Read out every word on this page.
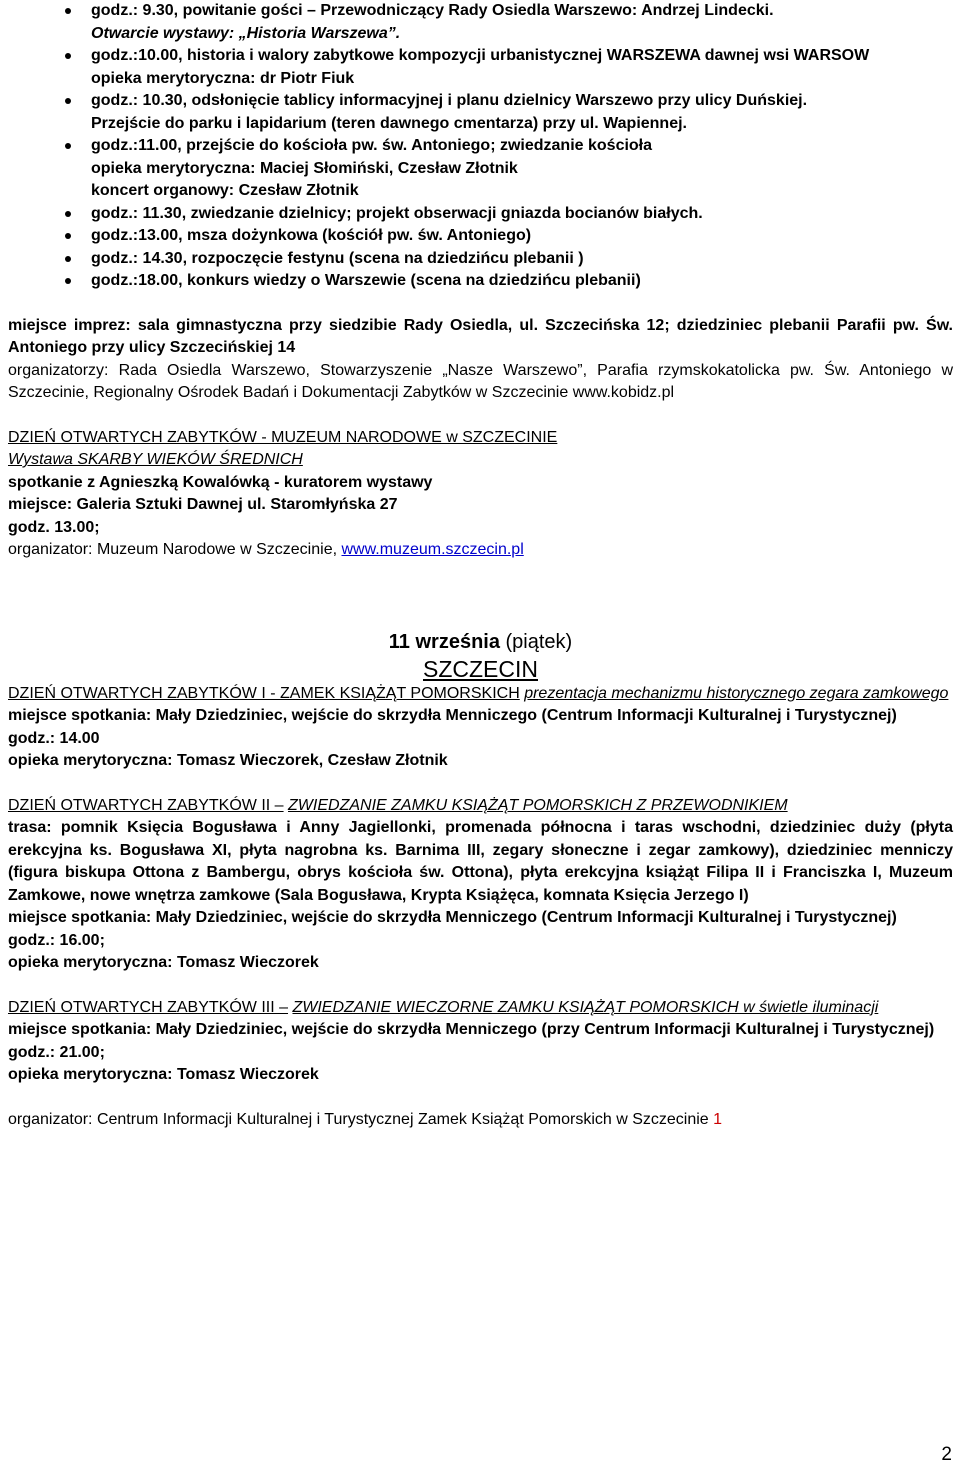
godz.: 9.30, powitanie gości – Przewodniczący Rady Osiedla Warszewo: Andrzej Lindecki.
Otwarcie wystawy: „Historia Warszewa”.
godz.:10.00, historia i walory zabytkowe kompozycji urbanistycznej WARSZEWA dawnej wsi WARSOW
opieka merytoryczna: dr Piotr Fiuk
godz.: 10.30, odsłonięcie tablicy informacyjnej i planu dzielnicy Warszewo przy ulicy Duńskiej.
Przejście do parku i lapidarium (teren dawnego cmentarza) przy ul. Wapiennej.
godz.:11.00, przejście do kościoła pw. św. Antoniego; zwiedzanie kościoła
opieka merytoryczna: Maciej Słomiński, Czesław Złotnik
koncert organowy: Czesław Złotnik
godz.: 11.30, zwiedzanie dzielnicy; projekt obserwacji gniazda bocianów białych.
godz.:13.00, msza dożynkowa (kościół pw. św. Antoniego)
godz.: 14.30, rozpoczęcie festynu (scena na dziedzińcu plebanii )
godz.:18.00, konkurs wiedzy o Warszewie (scena na dziedzińcu plebanii)

miejsce imprez: sala gimnastyczna przy siedzibie Rady Osiedla, ul. Szczecińska 12; dziedziniec plebanii Parafii pw. Św. Antoniego przy ulicy Szczecińskiej 14

organizatorzy: Rada Osiedla Warszewo, Stowarzyszenie „Nasze Warszewo”, Parafia rzymskokatolicka pw. Św. Antoniego w Szczecinie, Regionalny Ośrodek Badań i Dokumentacji Zabytków w Szczecinie www.kobidz.pl

DZIEŃ OTWARTYCH ZABYTKÓW - MUZEUM NARODOWE w SZCZECINIE

Wystawa SKARBY WIEKÓW ŚREDNICH

spotkanie z Agnieszką Kowalówką - kuratorem wystawy

miejsce: Galeria Sztuki Dawnej ul. Staromłyńska 27

godz. 13.00;

organizator: Muzeum Narodowe w Szczecinie, www.muzeum.szczecin.pl

11 września (piątek)

SZCZECIN

DZIEŃ OTWARTYCH ZABYTKÓW I - ZAMEK KSIĄŻĄT POMORSKICH prezentacja mechanizmu historycznego zegara zamkowego

miejsce spotkania: Mały Dziedziniec, wejście do skrzydła Menniczego (Centrum Informacji Kulturalnej i Turystycznej)

godz.: 14.00

opieka merytoryczna: Tomasz Wieczorek, Czesław Złotnik

DZIEŃ OTWARTYCH ZABYTKÓW II – ZWIEDZANIE ZAMKU KSIĄŻĄT POMORSKICH Z PRZEWODNIKIEM

trasa: pomnik Księcia Bogusława i Anny Jagiellonki, promenada północna i taras wschodni, dziedziniec duży (płyta erekcyjna ks. Bogusława XI, płyta nagrobna ks. Barnima III, zegary słoneczne i zegar zamkowy), dziedziniec menniczy (figura biskupa Ottona z Bambergu, obrys kościoła św. Ottona), płyta erekcyjna książąt Filipa II i Franciszka I, Muzeum Zamkowe, nowe wnętrza zamkowe (Sala Bogusława, Krypta Książęca, komnata Księcia Jerzego I)

miejsce spotkania: Mały Dziedziniec, wejście do skrzydła Menniczego (Centrum Informacji Kulturalnej i Turystycznej)

godz.: 16.00;

opieka merytoryczna: Tomasz Wieczorek

DZIEŃ OTWARTYCH ZABYTKÓW III – ZWIEDZANIE WIECZORNE ZAMKU KSIĄŻĄT POMORSKICH w świetle iluminacji

miejsce spotkania: Mały Dziedziniec, wejście do skrzydła Menniczego (przy Centrum Informacji Kulturalnej i Turystycznej)

godz.: 21.00;

opieka merytoryczna: Tomasz Wieczorek

organizator: Centrum Informacji Kulturalnej i Turystycznej Zamek Książąt Pomorskich w Szczecinie 1

2
